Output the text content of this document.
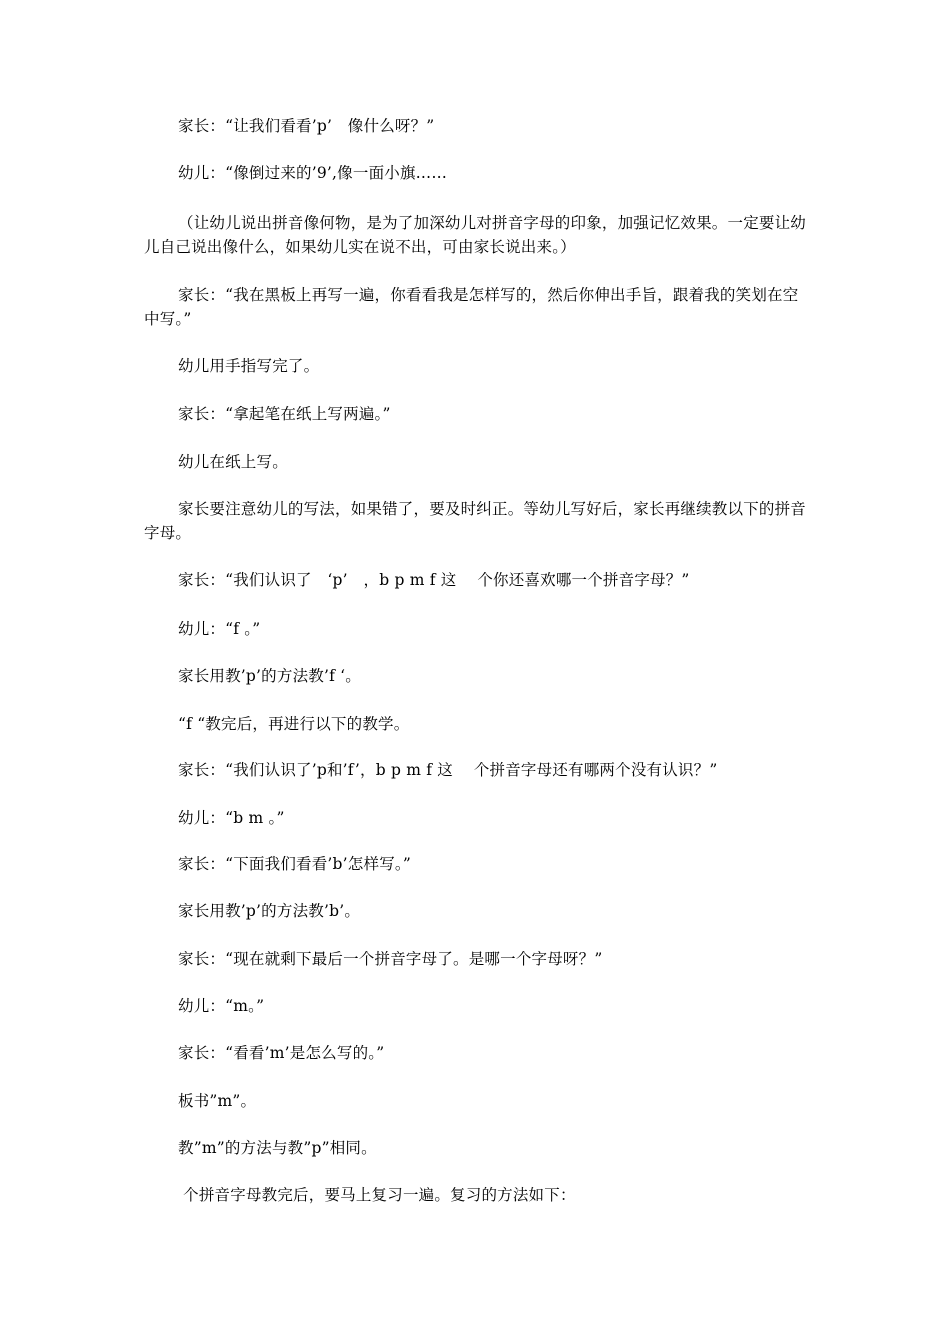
家长：“让我们看看’p’　像什么呀？”

幼儿：“像倒过来的’9’,像一面小旗……

（让幼儿说出拼音像何物，是为了加深幼儿对拼音字母的印象，加强记忆效果。一定要让幼儿自己说出像什么，如果幼儿实在说不出，可由家长说出来。）

家长：“我在黑板上再写一遍，你看看我是怎样写的，然后你伸出手旨，跟着我的笑划在空中写。”

幼儿用手指写完了。

家长：“拿起笔在纸上写两遍。”

幼儿在纸上写。

家长要注意幼儿的写法，如果错了，要及时纠正。等幼儿写好后，家长再继续教以下的拼音字母。

家长：“我们认识了　‘p’　，b p m f 这　 个你还喜欢哪一个拼音字母？”

幼儿：“f 。”

家长用教’p’的方法教’f ‘。

“f “教完后，再进行以下的教学。

家长：“我们认识了’p和’f’，b p m f 这　 个拼音字母还有哪两个没有认识？”

幼儿：“b m 。”

家长：“下面我们看看’b’怎样写。”

家长用教’p’的方法教’b’。

家长：“现在就剩下最后一个拼音字母了。是哪一个字母呀？”

幼儿：“m。”

家长：“看看’m’是怎么写的。”

板书”m”。

教”m”的方法与教”p”相同。

个拼音字母教完后，要马上复习一遍。复习的方法如下：
